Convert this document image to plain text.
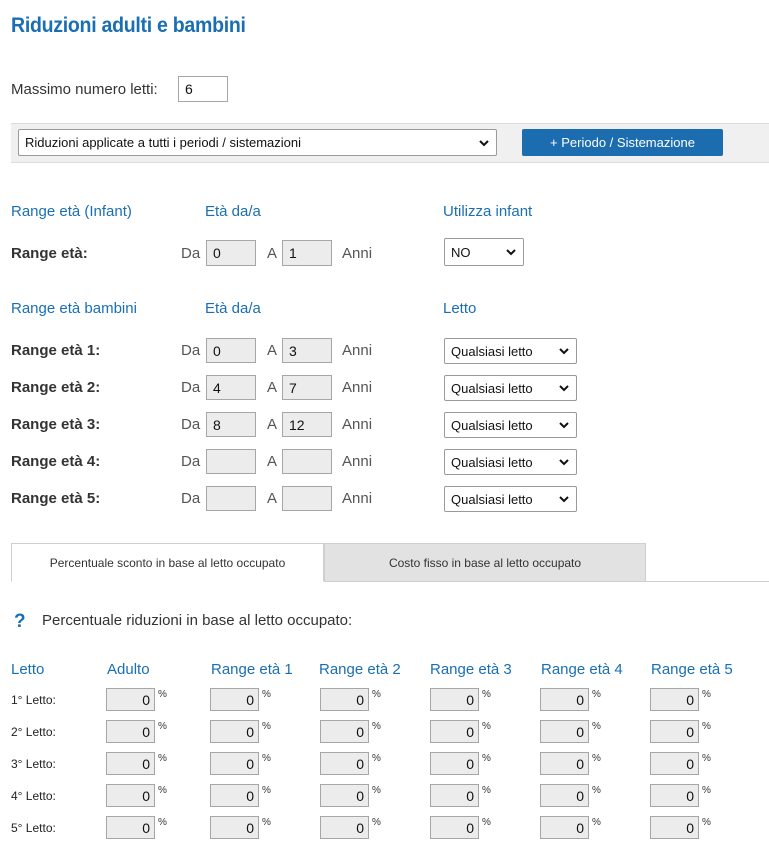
Riduzioni adulti e bambini
Massimo numero letti:	6
Riduzioni applicate a tutti i periodi / sistemazioni	+ Periodo / Sistemazione
Range età (Infant)	Età da/a	Utilizza infant
Range età:	Da 0	A 1	Anni	NO
Range età bambini	Età da/a	Letto
Range età 1:	Da 0	A 3	Anni	Qualsiasi letto
Range età 2:	Da 4	A 7	Anni	Qualsiasi letto
Range età 3:	Da 8	A 12	Anni	Qualsiasi letto
Range età 4:	Da	A	Anni	Qualsiasi letto
Range età 5:	Da	A	Anni	Qualsiasi letto
Percentuale sconto in base al letto occupato	Costo fisso in base al letto occupato
? Percentuale riduzioni in base al letto occupato:
Letto	Adulto	Range età 1 Range età 2 Range età 3 Range età 4 Range età 5
1° Letto:	0 %	0 %	0 %	0 %	0 %	0 %
2° Letto:	0 %	0 %	0 %	0 %	0 %	0 %
3° Letto:	0 %	0 %	0 %	0 %	0 %	0 %
4° Letto:	0 %	0 %	0 %	0 %	0 %	0 %
5° Letto:	0 %	0 %	0 %	0 %	0 %	0 %
